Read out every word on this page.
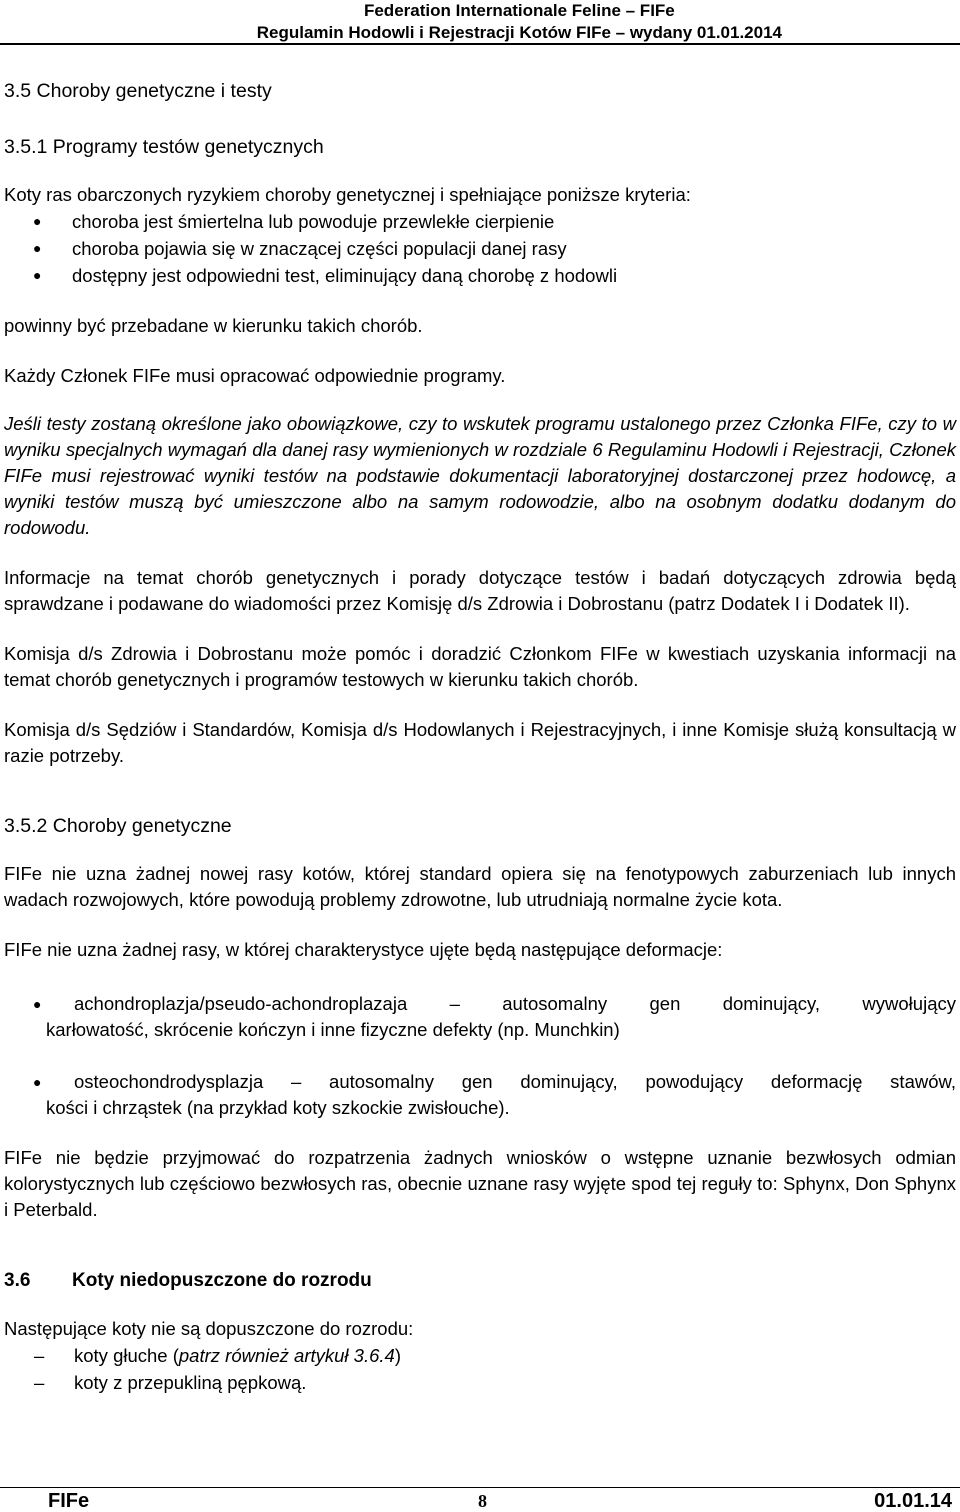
Federation Internationale Feline – FIFe
Regulamin Hodowli i Rejestracji Kotów FIFe – wydany 01.01.2014
3.5 Choroby genetyczne i testy
3.5.1 Programy testów genetycznych

Koty ras obarczonych ryzykiem choroby genetycznej i spełniające poniższe kryteria:

● choroba jest śmiertelna lub powoduje przewlekłe cierpienie
● choroba pojawia się w znaczącej części populacji danej rasy
● dostępny jest odpowiedni test, eliminujący daną chorobę z hodowli

powinny być przebadane w kierunku takich chorób.

Każdy Członek FIFe musi opracować odpowiednie programy.

Jeśli testy zostaną określone jako obowiązkowe, czy to wskutek programu ustalonego przez Członka FIFe, czy to w wyniku specjalnych wymagań dla danej rasy wymienionych w rozdziale 6 Regulaminu Hodowli i Rejestracji, Członek FIFe musi rejestrować wyniki testów na podstawie dokumentacji laboratoryjnej dostarczonej przez hodowcę, a wyniki testów muszą być umieszczone albo na samym rodowodzie, albo na osobnym dodatku dodanym do rodowodu.

Informacje na temat chorób genetycznych i porady dotyczące testów i badań dotyczących zdrowia będą sprawdzane i podawane do wiadomości przez Komisję d/s Zdrowia i Dobrostanu (patrz Dodatek I i Dodatek II).

Komisja d/s Zdrowia i Dobrostanu może pomóc i doradzić Członkom FIFe w kwestiach uzyskania informacji na temat chorób genetycznych i programów testowych w kierunku takich chorób.

Komisja d/s Sędziów i Standardów, Komisja d/s Hodowlanych i Rejestracyjnych, i inne Komisje służą konsultacją w razie potrzeby.

3.5.2 Choroby genetyczne

FIFe nie uzna żadnej nowej rasy kotów, której standard opiera się na fenotypowych zaburzeniach lub innych wadach rozwojowych, które powodują problemy zdrowotne, lub utrudniają normalne życie kota.

FIFe nie uzna żadnej rasy, w której charakterystyce ujęte będą następujące deformacje:

● achondroplazja/pseudo-achondroplazaja – autosomalny gen dominujący, wywołujący
karłowatość, skrócenie kończyn i inne fizyczne defekty (np. Munchkin)
● osteochondrodysplazja – autosomalny gen dominujący, powodujący deformację stawów,
kości i chrząstek (na przykład koty szkockie zwisłouche).

FIFe nie będzie przyjmować do rozpatrzenia żadnych wniosków o wstępne uznanie bezwłosych odmian kolorystycznych lub częściowo bezwłosych ras, obecnie uznane rasy wyjęte spod tej reguły to: Sphynx, Don Sphynx i Peterbald.

3.6 Koty niedopuszczone do rozrodu

Następujące koty nie są dopuszczone do rozrodu:

– koty głuche (patrz również artykuł 3.6.4)
– koty z przepukliną pępkową.
FIFe	8	01.01.14
